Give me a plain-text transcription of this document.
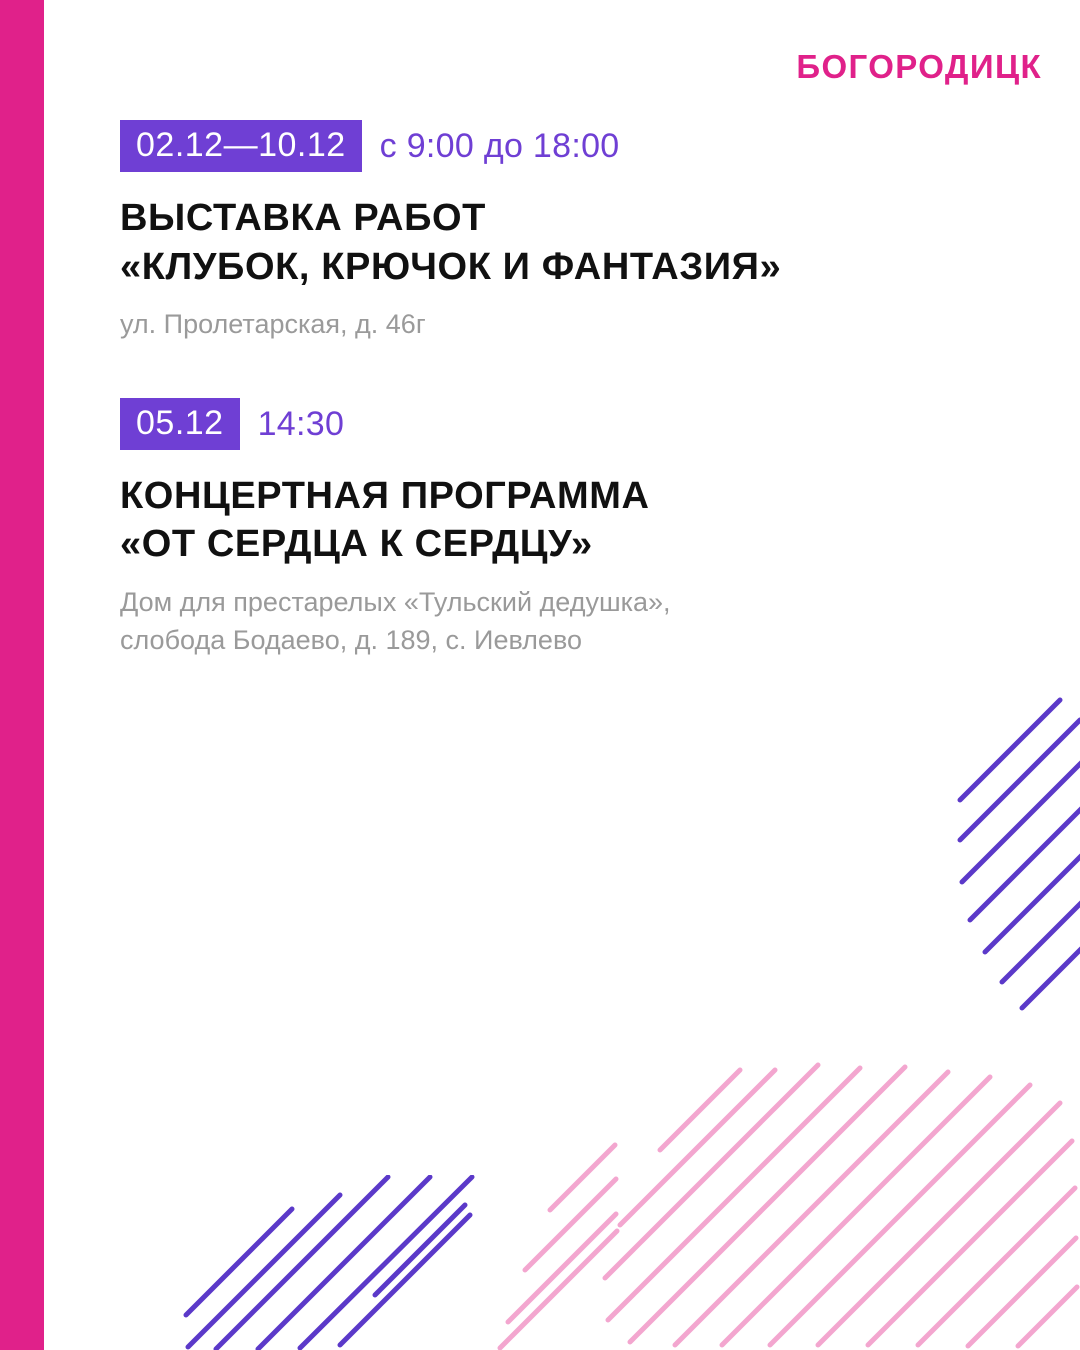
БОГОРОДИЦК
02.12—10.12	с 9:00 до 18:00
ВЫСТАВКА РАБОТ
«КЛУБОК, КРЮЧОК И ФАНТАЗИЯ»
ул. Пролетарская, д. 46г
05.12	14:30
КОНЦЕРТНАЯ ПРОГРАММА
«ОТ СЕРДЦА К СЕРДЦУ»
Дом для престарелых «Тульский дедушка»,
слобода Бодаево, д. 189, с. Иевлево
